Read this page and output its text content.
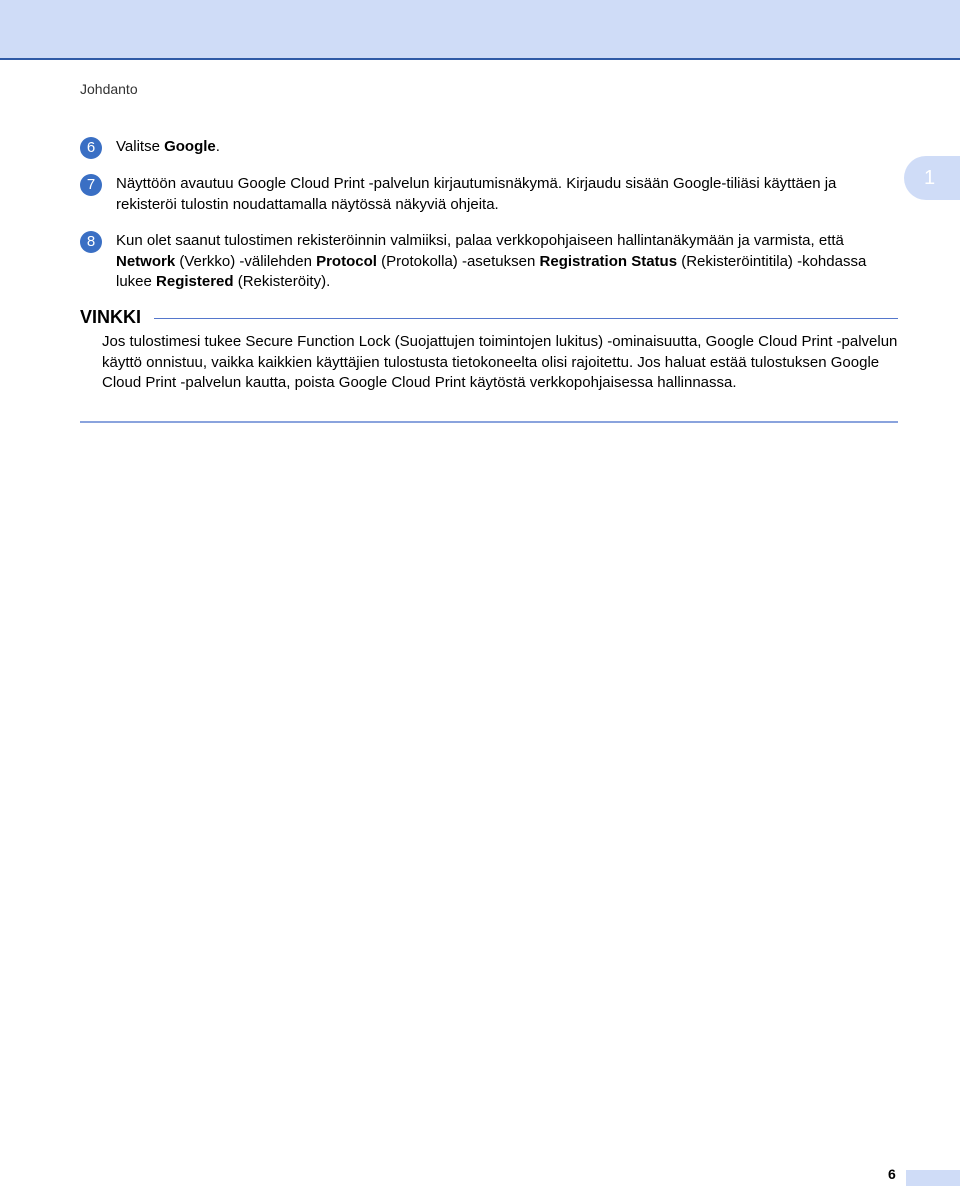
Johdanto
1
6	Valitse Google.
7	Näyttöön avautuu Google Cloud Print -palvelun kirjautumisnäkymä. Kirjaudu sisään Google-tiliäsi käyttäen ja rekisteröi tulostin noudattamalla näytössä näkyviä ohjeita.
8	Kun olet saanut tulostimen rekisteröinnin valmiiksi, palaa verkkopohjaiseen hallintanäkymään ja varmista, että Network (Verkko) -välilehden Protocol (Protokolla) -asetuksen Registration Status (Rekisteröintitila) -kohdassa lukee Registered (Rekisteröity).
VINKKI
Jos tulostimesi tukee Secure Function Lock (Suojattujen toimintojen lukitus) -ominaisuutta, Google Cloud Print -palvelun käyttö onnistuu, vaikka kaikkien käyttäjien tulostusta tietokoneelta olisi rajoitettu. Jos haluat estää tulostuksen Google Cloud Print -palvelun kautta, poista Google Cloud Print käytöstä verkkopohjaisessa hallinnassa.
6
